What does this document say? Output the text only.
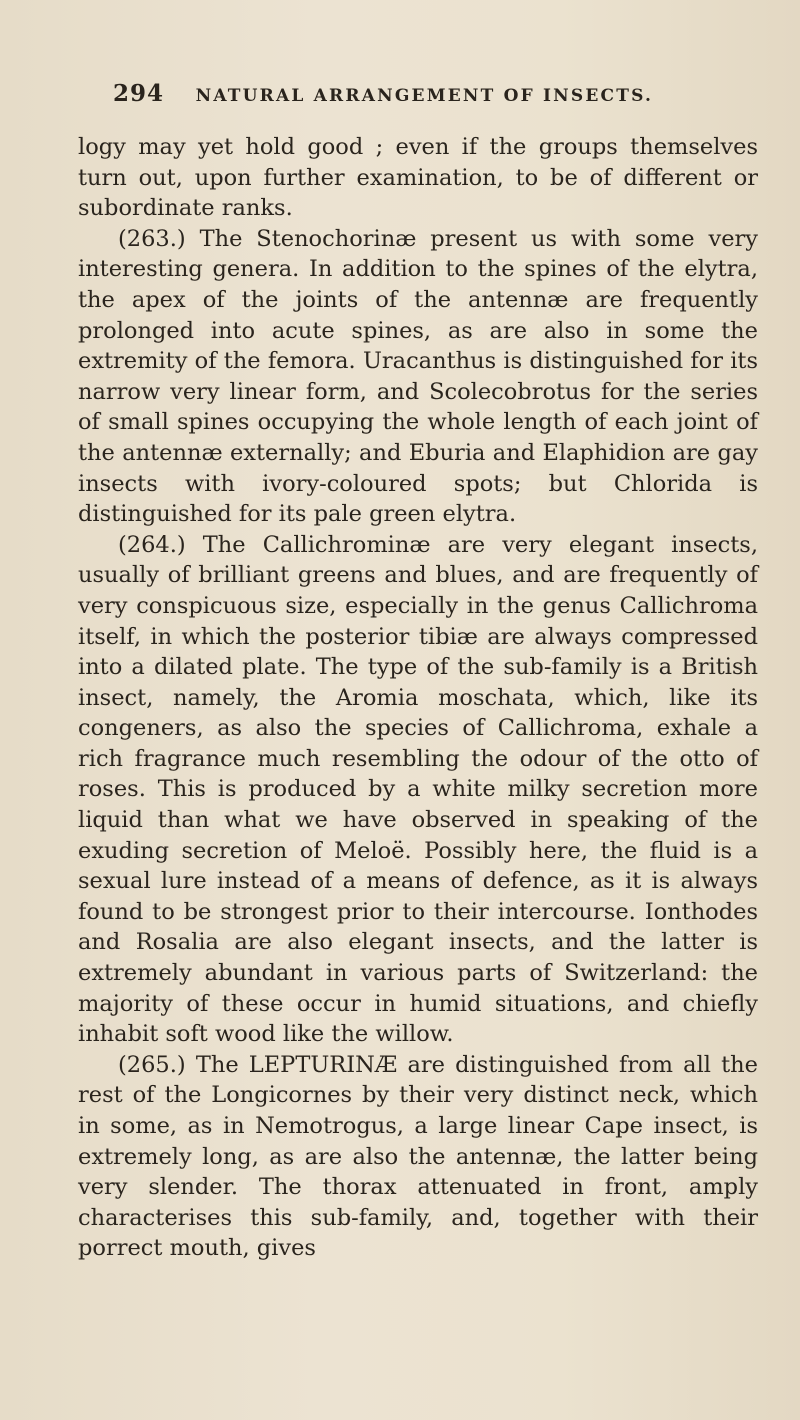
294 NATURAL ARRANGEMENT OF INSECTS.

logy may yet hold good ; even if the groups themselves turn out, upon further examination, to be of different or subordinate ranks.

(263.) The Stenochorinæ present us with some very interesting genera. In addition to the spines of the elytra, the apex of the joints of the antennæ are frequently prolonged into acute spines, as are also in some the extremity of the femora. Uracanthus is distinguished for its narrow very linear form, and Scolecobrotus for the series of small spines occupying the whole length of each joint of the antennæ externally; and Eburia and Elaphidion are gay insects with ivory-coloured spots; but Chlorida is distinguished for its pale green elytra.

(264.) The Callichrominæ are very elegant insects, usually of brilliant greens and blues, and are frequently of very conspicuous size, especially in the genus Callichroma itself, in which the posterior tibiæ are always compressed into a dilated plate. The type of the sub-family is a British insect, namely, the Aromia moschata, which, like its congeners, as also the species of Callichroma, exhale a rich fragrance much resembling the odour of the otto of roses. This is produced by a white milky secretion more liquid than what we have observed in speaking of the exuding secretion of Meloë. Possibly here, the fluid is a sexual lure instead of a means of defence, as it is always found to be strongest prior to their intercourse. Ionthodes and Rosalia are also elegant insects, and the latter is extremely abundant in various parts of Switzerland: the majority of these occur in humid situations, and chiefly inhabit soft wood like the willow.

(265.) The LEPTURINÆ are distinguished from all the rest of the Longicornes by their very distinct neck, which in some, as in Nemotrogus, a large linear Cape insect, is extremely long, as are also the antennæ, the latter being very slender. The thorax attenuated in front, amply characterises this sub-family, and, together with their porrect mouth, gives
